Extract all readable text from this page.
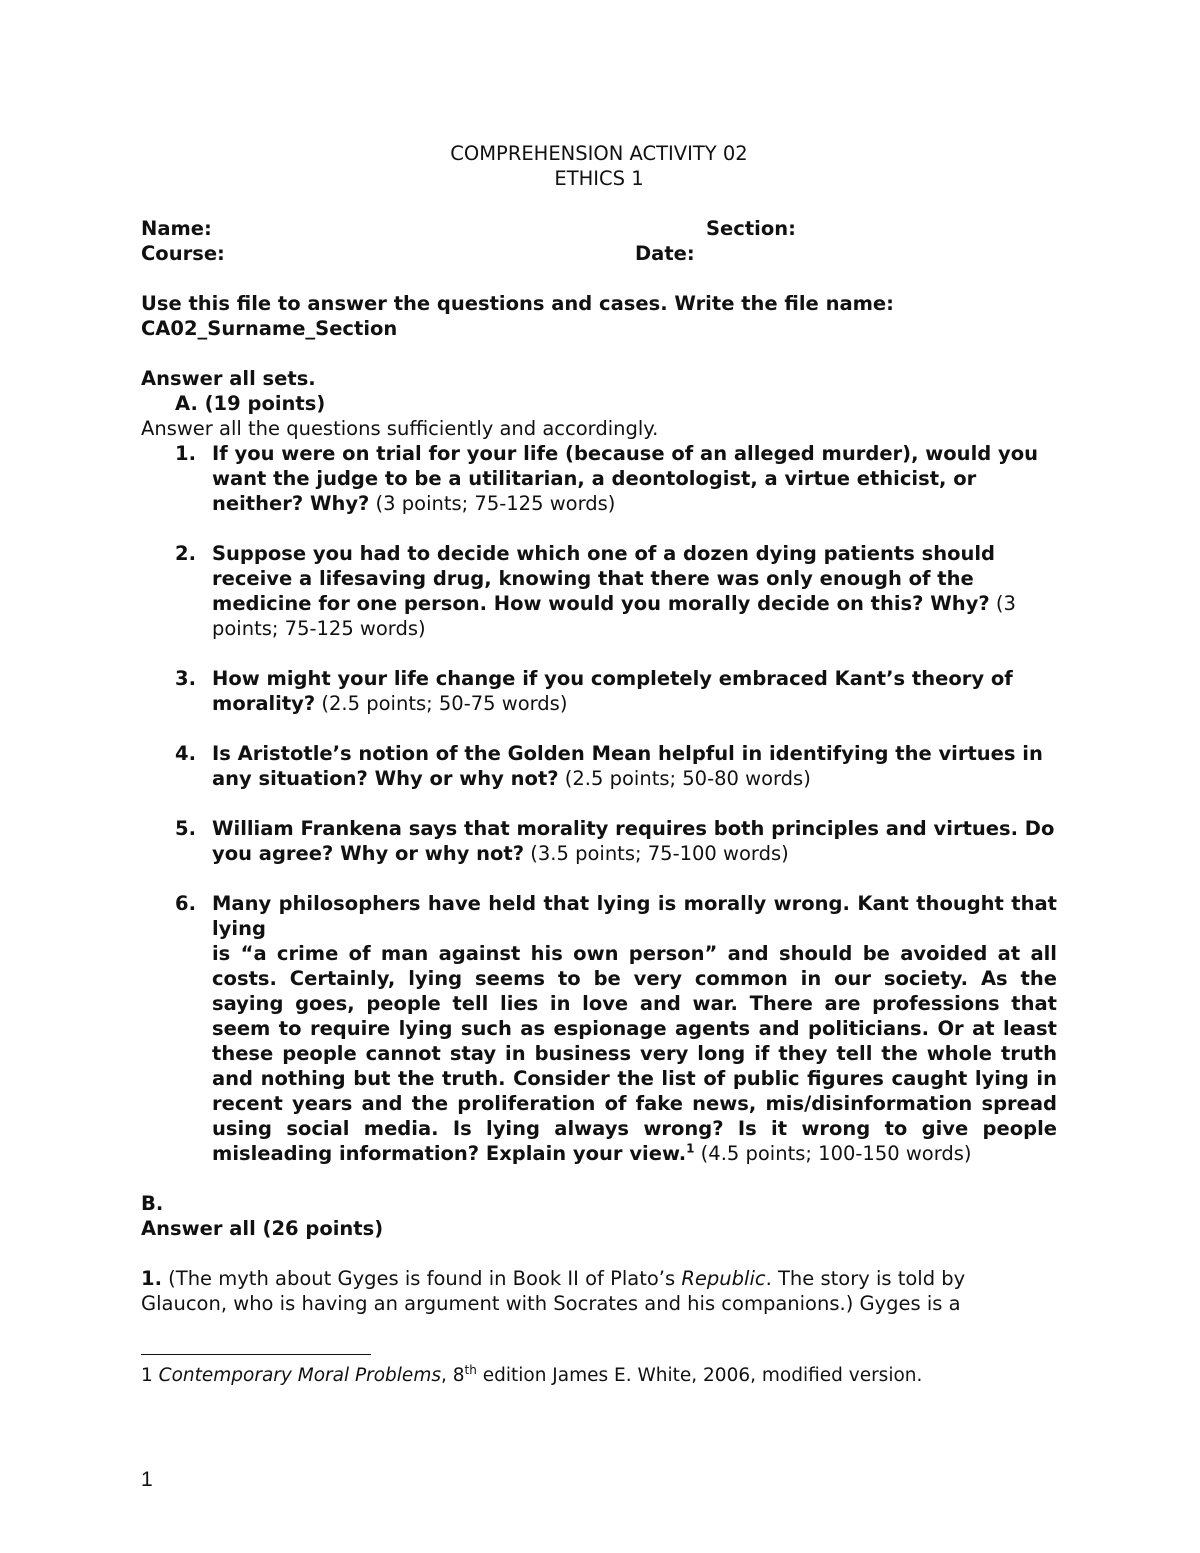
COMPREHENSION ACTIVITY 02

ETHICS 1

Name:	Section:
Course:	Date:

Use this file to answer the questions and cases. Write the file name:

CA02_Surname_Section

Answer all sets.

A. (19 points)

Answer all the questions sufficiently and accordingly.

1. If you were on trial for your life (because of an alleged murder), would you want the judge to be a utilitarian, a deontologist, a virtue ethicist, or neither? Why? (3 points; 75-125 words)
2. Suppose you had to decide which one of a dozen dying patients should receive a lifesaving drug, knowing that there was only enough of the medicine for one person. How would you morally decide on this? Why? (3 points; 75-125 words)
3. How might your life change if you completely embraced Kant’s theory of morality? (2.5 points; 50-75 words)
4. Is Aristotle’s notion of the Golden Mean helpful in identifying the virtues in any situation? Why or why not? (2.5 points; 50-80 words)
5. William Frankena says that morality requires both principles and virtues. Do you agree? Why or why not? (3.5 points; 75-100 words)
6. Many philosophers have held that lying is morally wrong. Kant thought that lying
is “a crime of man against his own person” and should be avoided at all costs. Certainly, lying seems to be very common in our society. As the saying goes, people tell lies in love and war. There are professions that seem to require lying such as espionage agents and politicians. Or at least these people cannot stay in business very long if they tell the whole truth and nothing but the truth. Consider the list of public figures caught lying in recent years and the proliferation of fake news, mis/disinformation spread using social media. Is lying always wrong? Is it wrong to give people misleading information? Explain your view.$^1$ (4.5 points; 100-150 words)

B.

Answer all (26 points)

1. (The myth about Gyges is found in Book II of Plato’s Republic. The story is told by Glaucon, who is having an argument with Socrates and his companions.) Gyges is a

1 Contemporary Moral Problems, 8th edition James E. White, 2006, modified version.
1
